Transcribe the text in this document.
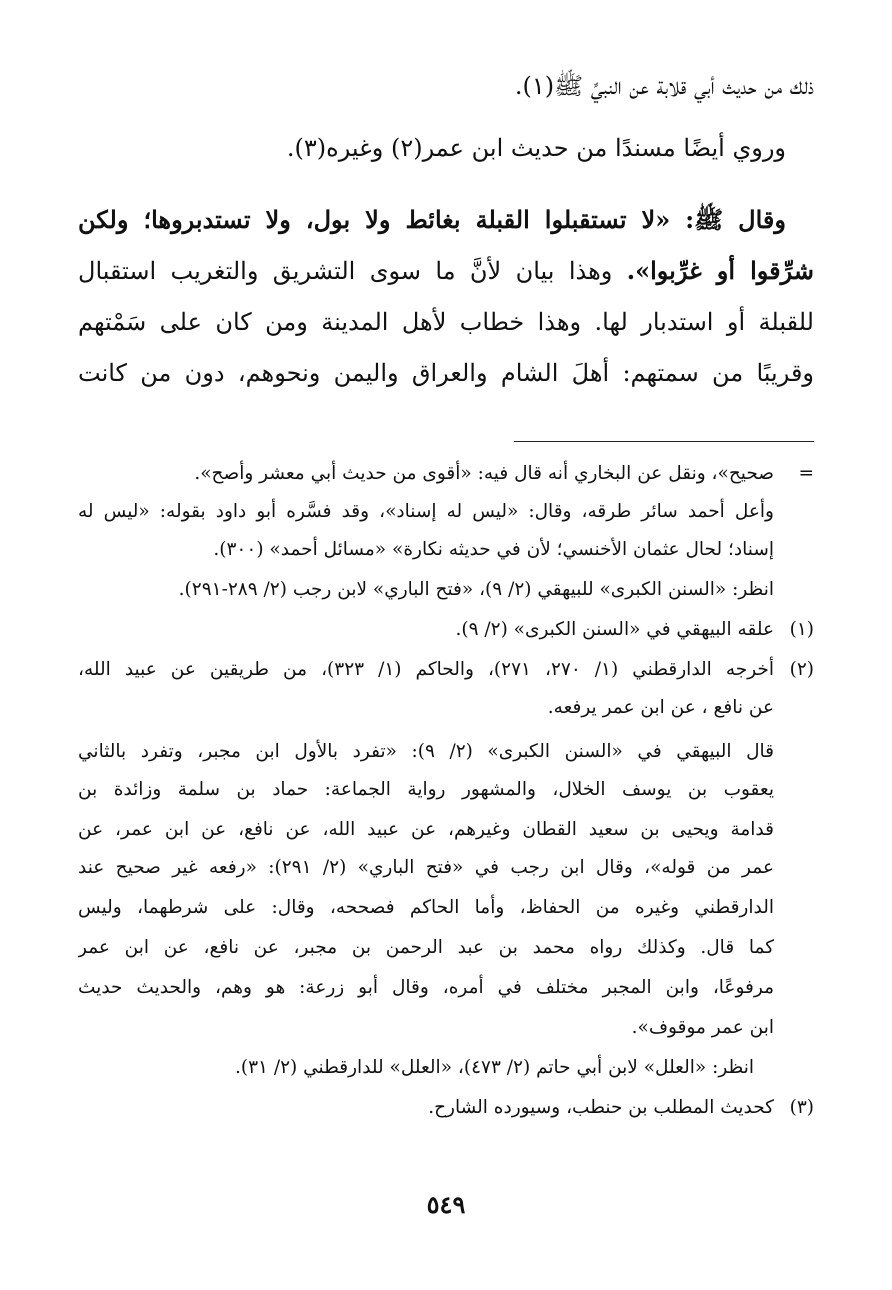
ذلك من حديث أبي قلابة عن النبيِّ ﷺ(١).
وروي أيضًا مسندًا من حديث ابن عمر(٢) وغيره(٣).
وقال ﷺ: «لا تستقبلوا القبلة بغائط ولا بول، ولا تستدبروها؛ ولكن
شرِّقوا أو غرِّبوا». وهذا بيان لأنَّ ما سوى التشريق والتغريب استقبال
للقبلة أو استدبار لها. وهذا خطاب لأهل المدينة ومن كان على سَمْتهم
وقريبًا من سمتهم: أهلَ الشام والعراق واليمن ونحوهم، دون من كانت
=
صحيح»، ونقل عن البخاري أنه قال فيه: «أقوى من حديث أبي معشر وأصح».
وأعل أحمد سائر طرقه، وقال: «ليس له إسناد»، وقد فسَّره أبو داود بقوله: «ليس له
إسناد؛ لحال عثمان الأخنسي؛ لأن في حديثه نكارة» «مسائل أحمد» (٣٠٠).
انظر: «السنن الكبرى» للبيهقي (٢/ ٩)، «فتح الباري» لابن رجب (٢/ ٢٨٩-٢٩١).
(١)
علقه البيهقي في «السنن الكبرى» (٢/ ٩).
(٢)
أخرجه الدارقطني (١/ ٢٧٠، ٢٧١)، والحاكم (١/ ٣٢٣)، من طريقين عن عبيد الله،
عن نافع ، عن ابن عمر يرفعه.
قال البيهقي في «السنن الكبرى» (٢/ ٩): «تفرد بالأول ابن مجبر، وتفرد بالثاني
يعقوب بن يوسف الخلال، والمشهور رواية الجماعة: حماد بن سلمة وزائدة بن
قدامة ويحيى بن سعيد القطان وغيرهم، عن عبيد الله، عن نافع، عن ابن عمر، عن
عمر من قوله»، وقال ابن رجب في «فتح الباري» (٢/ ٢٩١): «رفعه غير صحيح عند
الدارقطني وغيره من الحفاظ، وأما الحاكم فصححه، وقال: على شرطهما، وليس
كما قال. وكذلك رواه محمد بن عبد الرحمن بن مجبر، عن نافع، عن ابن عمر
مرفوعًا، وابن المجبر مختلف في أمره، وقال أبو زرعة: هو وهم، والحديث حديث
ابن عمر موقوف».
انظر: «العلل» لابن أبي حاتم (٢/ ٤٧٣)، «العلل» للدارقطني (٢/ ٣١).
(٣)
كحديث المطلب بن حنطب، وسيورده الشارح.
٥٤٩
